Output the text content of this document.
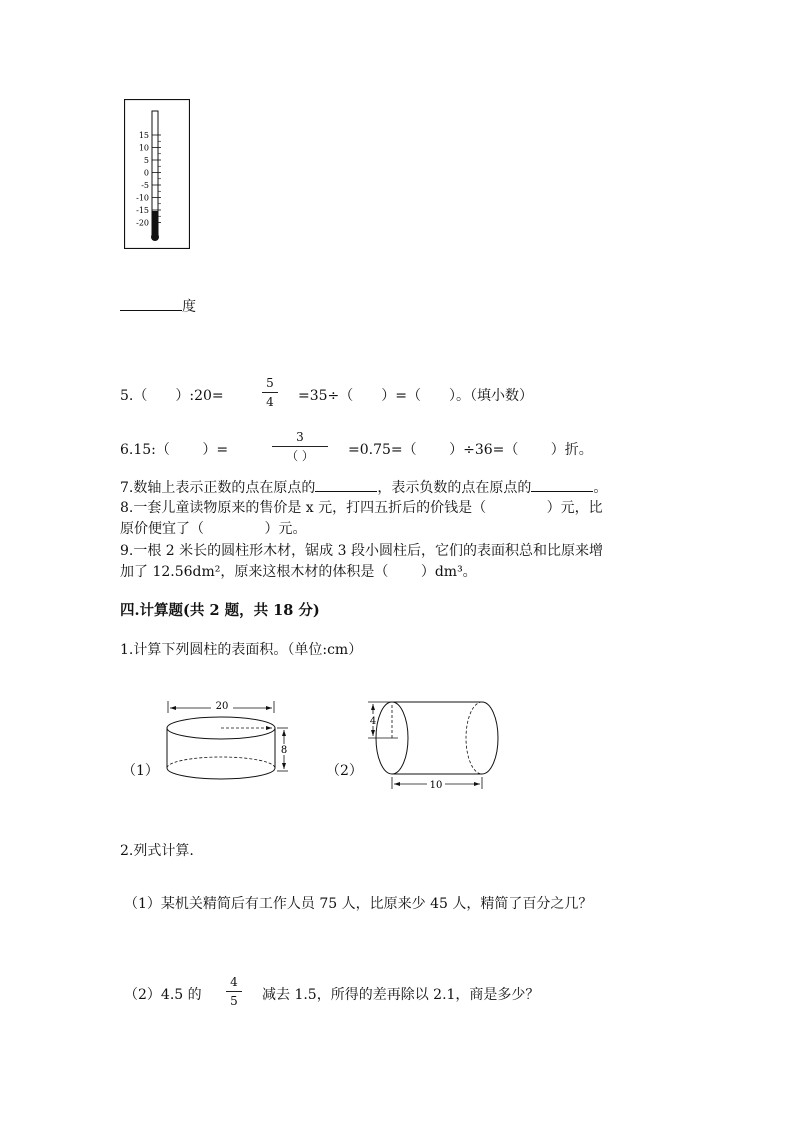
15
10
5
0
-5
-10
-15
-20
度
5.（　　）:20=
5
4 =35÷（　　）=（　　）。（填小数）
6.15:（　　 ）=
3
（ ）	=0.75=（　　 ）÷36=（　　 ）折。
7.数轴上表示正数的点在原点的	，表示负数的点在原点的	。
8.一套儿童读物原来的售价是 x 元，打四五折后的价钱是（　　　　 ）元，比
原价便宜了（　　　　 ）元。
9.一根 2 米长的圆柱形木材，锯成 3 段小圆柱后，它们的表面积总和比原来增
加了 12.56dm²，原来这根木材的体积是（　　 ）dm³。
四.计算题(共 2 题，共 18 分)
1.计算下列圆柱的表面积。（单位:cm）
（1）
20
8
（2）
4
10
2.列式计算.
（1）某机关精简后有工作人员 75 人，比原来少 45 人，精简了百分之几？
（2）4.5 的
4
5 减去 1.5，所得的差再除以 2.1，商是多少？
